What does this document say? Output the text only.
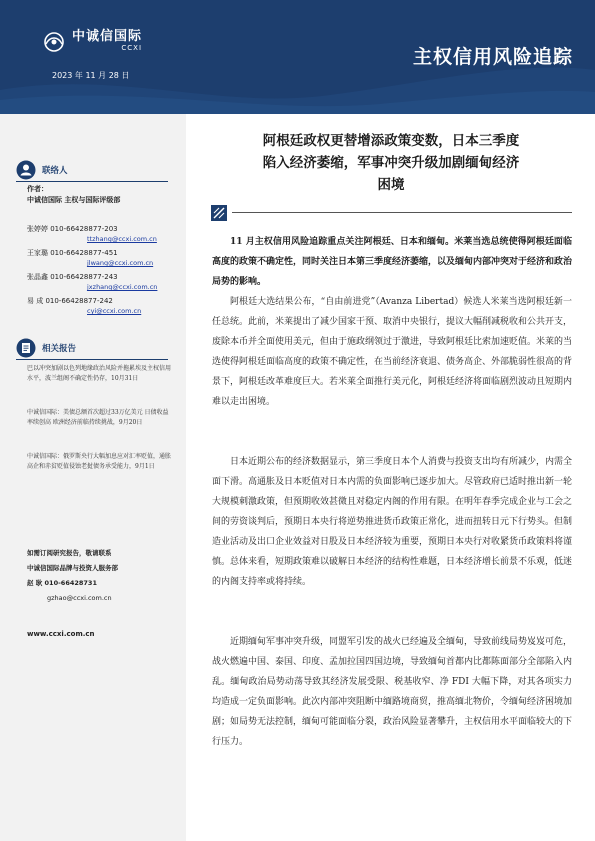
中诚信国际
CCXI	主权信用风险追踪
2023 年 11 月 28 日
联络人
作者：
中诚信国际 主权与国际评级部
张婷婷 010-66428877-203
ttzhang@ccxi.com.cn
王家璐 010-66428877-451
jlwang@ccxi.com.cn
张晶鑫 010-66428877-243
jxzhang@ccxi.com.cn
易 成 010-66428877-242
cyi@ccxi.com.cn
相关报告
巴以冲突加剧以色列地缘政治风险并拖累埃及主权信用水平，波兰组阁不确定性仍存，10月31日
中诚信国际：美债总额首次超过33万亿美元 日债收益率续创高 欧洲经济前临持续挑战，9月20日
中诚信国际：俄罗斯央行大幅加息应对汇率贬值，通胀高企和赤贫贬值侵蚀老挝债务承受能力，9月1日
如需订阅研究报告，敬请联系
中诚信国际品牌与投资人服务部
赵 耿 010-66428731
gzhao@ccxi.com.cn
www.ccxi.com.cn
阿根廷政权更替增添政策变数，日本三季度
陷入经济萎缩，军事冲突升级加剧缅甸经济
困境
11 月主权信用风险追踪重点关注阿根廷、日本和缅甸。米莱当选总统使得阿根廷面临高度的政策不确定性，同时关注日本第三季度经济萎缩，以及缅甸内部冲突对于经济和政治局势的影响。
阿根廷大选结果公布，“自由前进党”（Avanza Libertad）候选人米莱当选阿根廷新一任总统。此前，米莱提出了减少国家干预、取消中央银行，提议大幅削减税收和公共开支，废除本币并全面使用美元，但由于施政纲领过于激进，导致阿根廷比索加速贬值。米莱的当选使得阿根廷面临高度的政策不确定性，在当前经济衰退、债务高企、外部脆弱性很高的背景下，阿根廷改革难度巨大。若米莱全面推行美元化，阿根廷经济将面临剧烈波动且短期内难以走出困境。
日本近期公布的经济数据显示，第三季度日本个人消费与投资支出均有所减少，内需全面下滑。高通胀及日本贬值对日本内需的负面影响已逐步加大。尽管政府已适时推出新一轮大规模刺激政策，但预期收效甚微且对稳定内阁的作用有限。在明年春季完成企业与工会之间的劳资谈判后，预期日本央行将逆势推进货币政策正常化，进而扭转日元下行势头。但制造业活动及出口企业效益对日股及日本经济较为重要，预期日本央行对收紧货币政策料将谨慎。总体来看，短期政策难以破解日本经济的结构性难题，日本经济增长前景不乐观，低迷的内阁支持率或将持续。
近期缅甸军事冲突升级，同盟军引发的战火已经遍及全缅甸，导致前线局势岌岌可危，战火燃遍中国、泰国、印度、孟加拉国四国边境，导致缅甸首都内比都陈面部分全部陷入内乱。缅甸政治局势动荡导致其经济发展受限、税基收窄、净 FDI 大幅下降，对其各项实力均造成一定负面影响。此次内部冲突阻断中缅路境商贸，推高缅北物价，令缅甸经济困境加剧；如局势无法控制，缅甸可能面临分裂，政治风险显著攀升，主权信用水平面临较大的下行压力。
